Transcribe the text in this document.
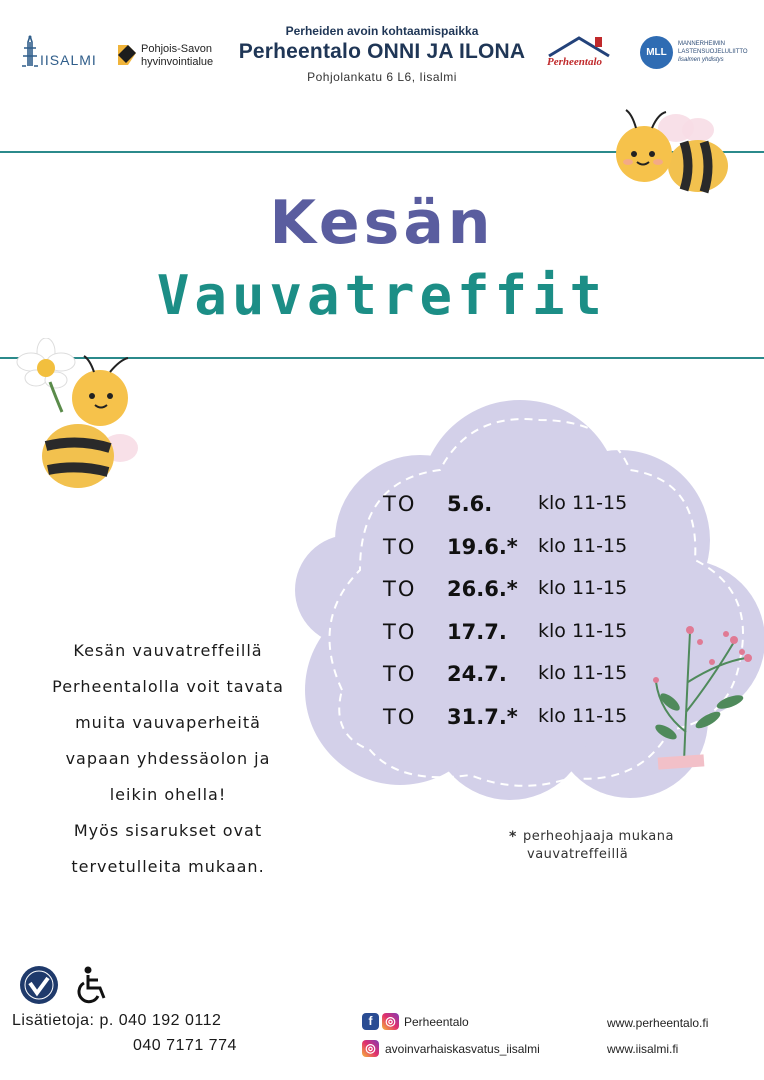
IISALMI
Pohjois-Savon
hyvinvointialue
Perheiden avoin kohtaamispaikka
Perheentalo ONNI JA ILONA
Pohjolankatu 6 L6, Iisalmi
Perheentalo
MLL
MANNERHEIMIN
LASTENSUOJELULIITTO
Iisalmen yhdistys
Kesän
Vauvatreffit
TO 5.6. klo 11-15
TO 19.6.* klo 11-15
TO 26.6.* klo 11-15
TO 17.7. klo 11-15
TO 24.7. klo 11-15
TO 31.7.* klo 11-15
* perheohjaaja mukana
vauvatreffeillä
Kesän vauvatreffeillä
Perheentalolla voit tavata
muita vauvaperheitä
vapaan yhdessäolon ja
leikin ohella!
Myös sisarukset ovat
tervetulleita mukaan.
Lisätietoja: p. 040 192 0112
040 7171 774
f	◎ Perheentalo
◎ avoinvarhaiskasvatus_iisalmi
www.perheentalo.fi
www.iisalmi.fi
